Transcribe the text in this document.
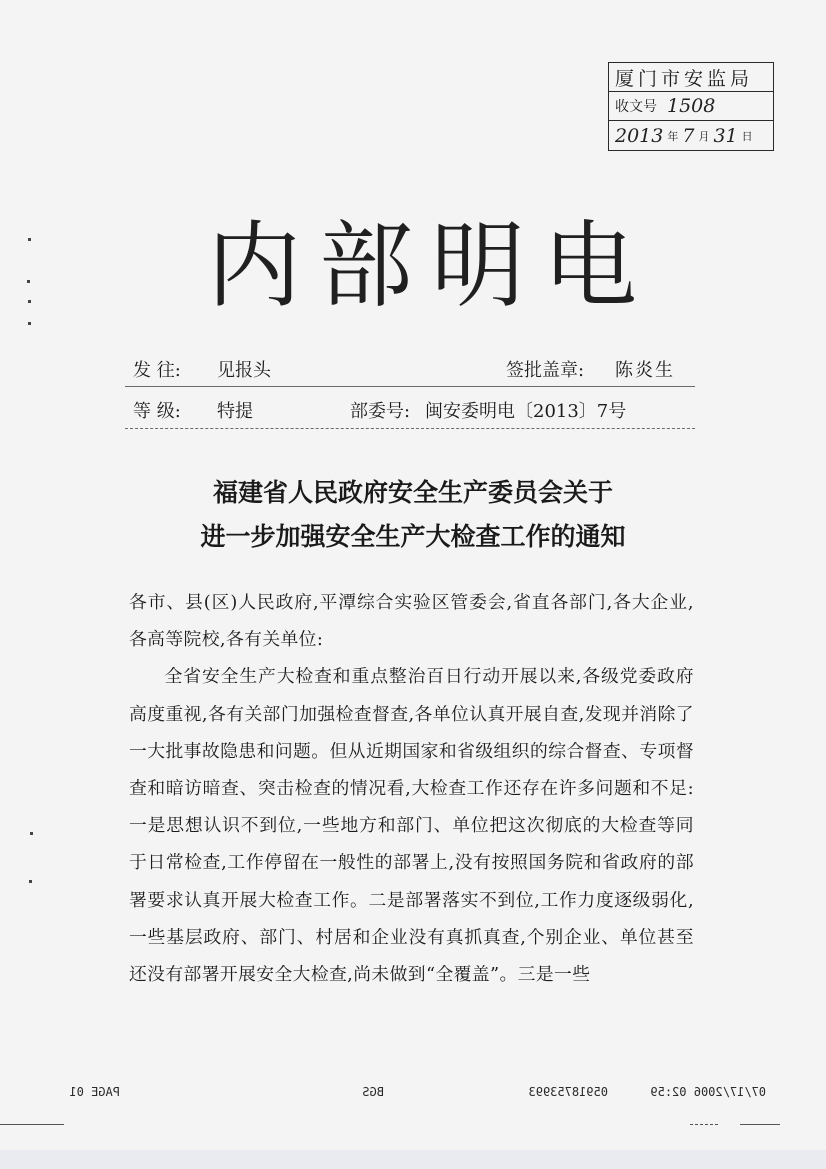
厦门市安监局
收文号 1508
2013 年 7 月 31 日
内部明电
发 往: 见报头	签批盖章: 陈炎生
等 级: 特提	部委号: 闽安委明电〔2013〕7号
福建省人民政府安全生产委员会关于
进一步加强安全生产大检查工作的通知

各市、县(区)人民政府,平潭综合实验区管委会,省直各部门,各大企业,各高等院校,各有关单位:

全省安全生产大检查和重点整治百日行动开展以来,各级党委政府高度重视,各有关部门加强检查督查,各单位认真开展自查,发现并消除了一大批事故隐患和问题。但从近期国家和省级组织的综合督查、专项督查和暗访暗查、突击检查的情况看,大检查工作还存在许多问题和不足:一是思想认识不到位,一些地方和部门、单位把这次彻底的大检查等同于日常检查,工作停留在一般性的部署上,没有按照国务院和省政府的部署要求认真开展大检查工作。二是部署落实不到位,工作力度逐级弱化,一些基层政府、部门、村居和企业没有真抓真查,个别企业、单位甚至还没有部署开展安全大检查,尚未做到“全覆盖”。三是一些

07/17/2006 02:59
05918753993
BGS
PAGE 01
